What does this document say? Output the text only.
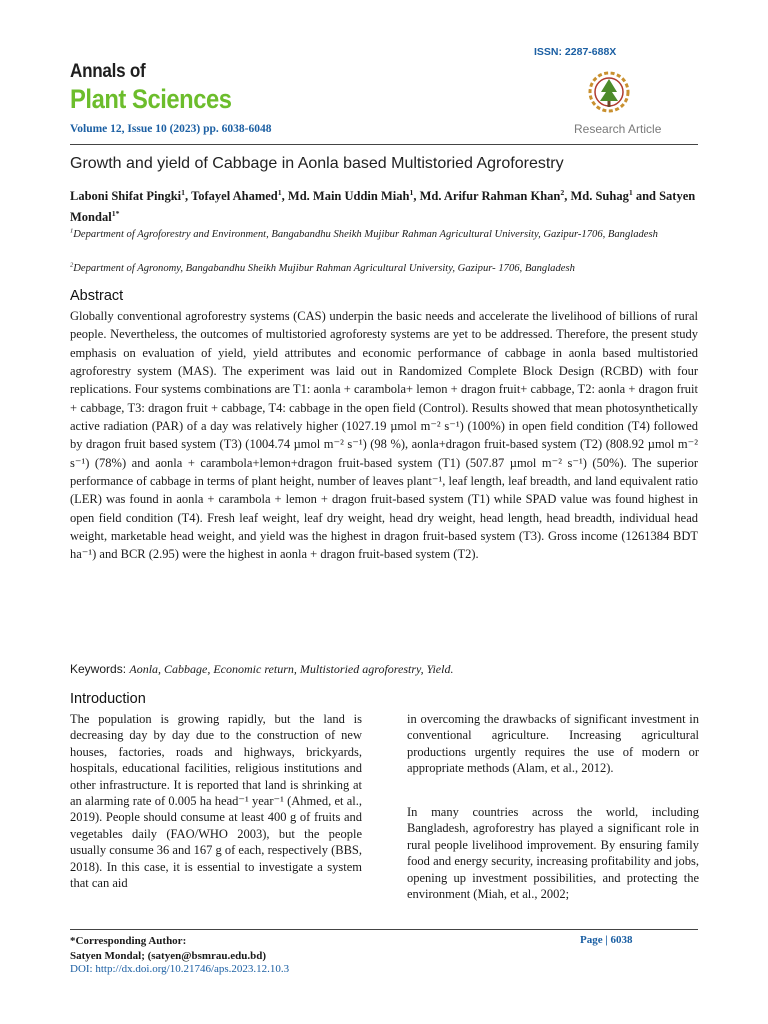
ISSN: 2287-688X
Annals of
Plant Sciences
Volume 12, Issue 10 (2023) pp. 6038-6048	Research Article
Growth and yield of Cabbage in Aonla based Multistoried Agroforestry
Laboni Shifat Pingki$^1$, Tofayel Ahamed$^1$, Md. Main Uddin Miah$^1$, Md. Arifur Rahman Khan$^2$, Md. Suhag$^1$ and Satyen Mondal$^{1*}$
$^1$Department of Agroforestry and Environment, Bangabandhu Sheikh Mujibur Rahman Agricultural University, Gazipur-1706, Bangladesh
$^2$Department of Agronomy, Bangabandhu Sheikh Mujibur Rahman Agricultural University, Gazipur- 1706, Bangladesh
Abstract
Globally conventional agroforestry systems (CAS) underpin the basic needs and accelerate the livelihood of billions of rural people. Nevertheless, the outcomes of multistoried agroforesty systems are yet to be addressed. Therefore, the present study emphasis on evaluation of yield, yield attributes and economic performance of cabbage in aonla based multistoried agroforestry system (MAS). The experiment was laid out in Randomized Complete Block Design (RCBD) with four replications. Four systems combinations are T1: aonla + carambola+ lemon + dragon fruit+ cabbage, T2: aonla + dragon fruit + cabbage, T3: dragon fruit + cabbage, T4: cabbage in the open field (Control). Results showed that mean photosynthetically active radiation (PAR) of a day was relatively higher (1027.19 µmol m⁻² s⁻¹) (100%) in open field condition (T4) followed by dragon fruit based system (T3) (1004.74 µmol m⁻² s⁻¹) (98 %), aonla+dragon fruit-based system (T2) (808.92 µmol m⁻² s⁻¹) (78%) and aonla + carambola+lemon+dragon fruit-based system (T1) (507.87 µmol m⁻² s⁻¹) (50%). The superior performance of cabbage in terms of plant height, number of leaves plant⁻¹, leaf length, leaf breadth, and land equivalent ratio (LER) was found in aonla + carambola + lemon + dragon fruit-based system (T1) while SPAD value was found highest in open field condition (T4). Fresh leaf weight, leaf dry weight, head dry weight, head length, head breadth, individual head weight, marketable head weight, and yield was the highest in dragon fruit-based system (T3). Gross income (1261384 BDT ha⁻¹) and BCR (2.95) were the highest in aonla + dragon fruit-based system (T2).
Keywords: Aonla, Cabbage, Economic return, Multistoried agroforestry, Yield.
Introduction
The population is growing rapidly, but the land is decreasing day by day due to the construction of new houses, factories, roads and highways, brickyards, hospitals, educational facilities, religious institutions and other infrastructure. It is reported that land is shrinking at an alarming rate of 0.005 ha head⁻¹ year⁻¹ (Ahmed, et al., 2019). People should consume at least 400 g of fruits and vegetables daily (FAO/WHO 2003), but the people usually consume 36 and 167 g of each, respectively (BBS, 2018). In this case, it is essential to investigate a system that can aid
in overcoming the drawbacks of significant investment in conventional agriculture. Increasing agricultural productions urgently requires the use of modern or appropriate methods (Alam, et al., 2012).
In many countries across the world, including Bangladesh, agroforestry has played a significant role in rural people livelihood improvement. By ensuring family food and energy security, increasing profitability and jobs, opening up investment possibilities, and protecting the environment (Miah, et al., 2002;
*Corresponding Author:
Satyen Mondal; (satyen@bsmrau.edu.bd)
DOI: http://dx.doi.org/10.21746/aps.2023.12.10.3
Page | 6038
